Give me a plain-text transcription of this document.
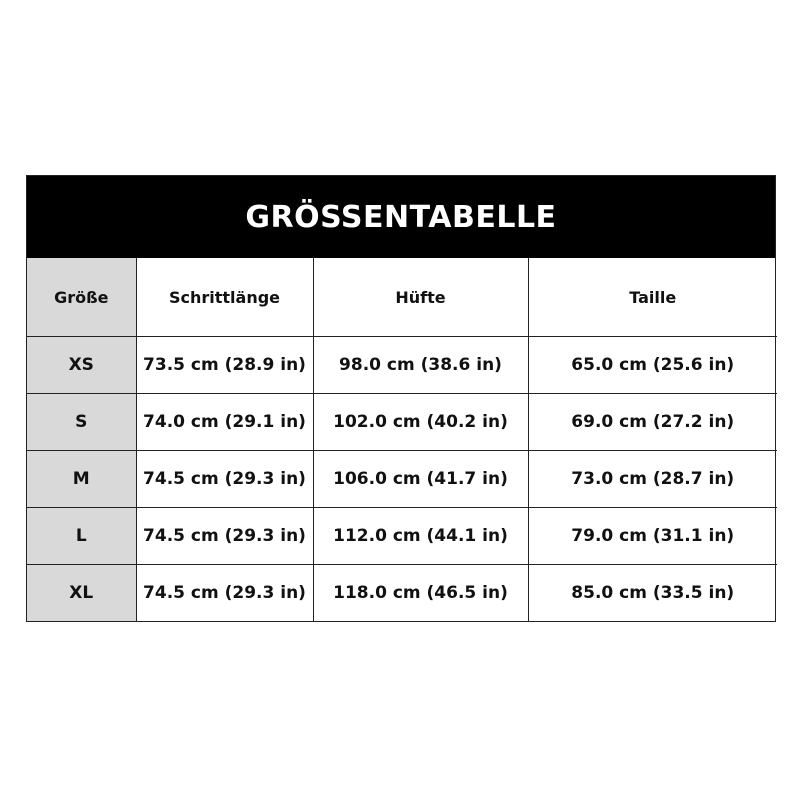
GRÖSSENTABELLE
Größe	Schrittlänge	Hüfte	Taille
XS	73.5 cm (28.9 in)	98.0 cm (38.6 in)	65.0 cm (25.6 in)
S	74.0 cm (29.1 in)	102.0 cm (40.2 in)	69.0 cm (27.2 in)
M	74.5 cm (29.3 in)	106.0 cm (41.7 in)	73.0 cm (28.7 in)
L	74.5 cm (29.3 in)	112.0 cm (44.1 in)	79.0 cm (31.1 in)
XL	74.5 cm (29.3 in)	118.0 cm (46.5 in)	85.0 cm (33.5 in)
